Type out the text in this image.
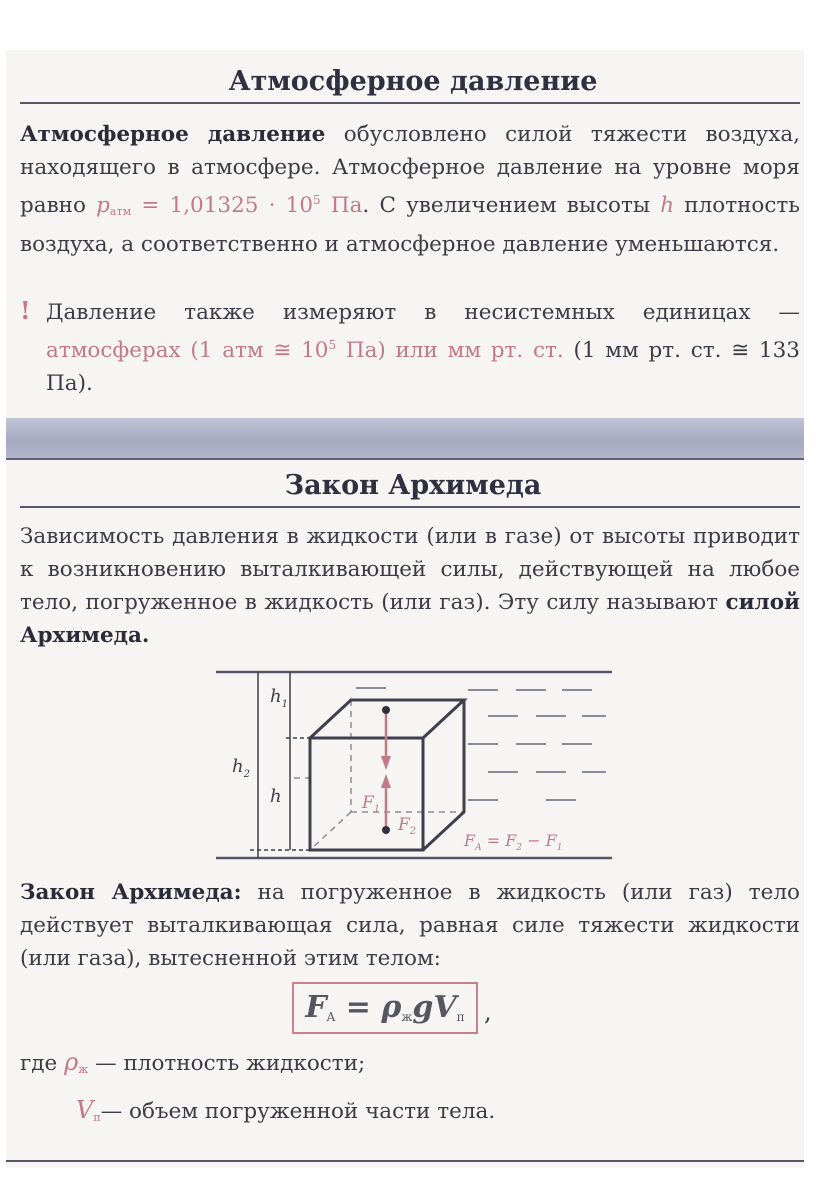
Атмосферное давление
Атмосферное давление обусловлено силой тяжести воздуха, находящего в атмосфере. Атмосферное давление на уровне моря равно $p_{атм} = 1,01325 \cdot 10^5$ Па. С увеличением высоты h плотность воздуха, а соответственно и атмосферное давление уменьшаются.
! Давление также измеряют в несистемных единицах — атмосферах (1 атм ≅ $10^5$ Па) или мм рт. ст. (1 мм рт. ст. ≅ 133 Па).
Закон Архимеда
Зависимость давления в жидкости (или в газе) от высоты приводит к возникновению выталкивающей силы, действующей на любое тело, погруженное в жидкость (или газ). Эту силу называют силой Архимеда.
$h_1$
$h_2$
h	$F_1$
$F_2$	$F_A = F_2 - F_1$
Закон Архимеда: на погруженное в жидкость (или газ) тело действует выталкивающая сила, равная силе тяжести жидкости (или газа), вытесненной этим телом:
$F_A = \rho_жgV_п$ ,
где $\rho_ж$ — плотность жидкости;
$V_п—$ объем погруженной части тела.
